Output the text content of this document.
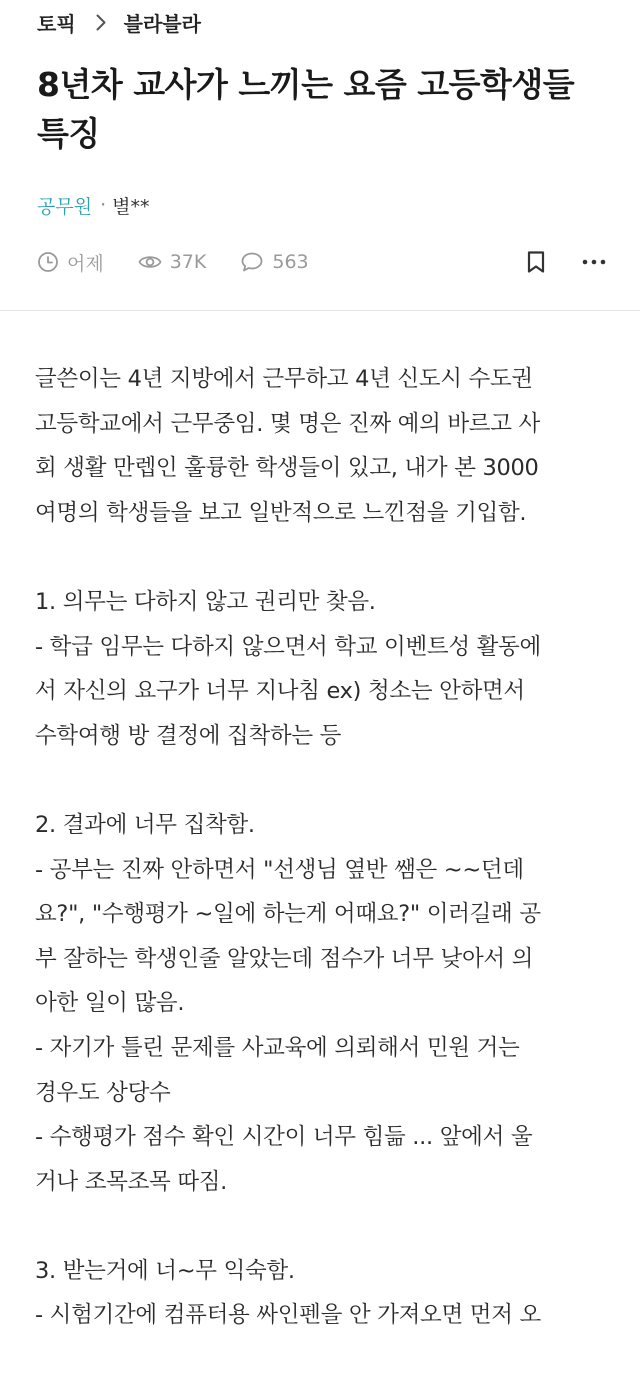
토픽 블라블라
8년차 교사가 느끼는 요즘 고등학생들 특징
공무원 · 별**
어제	37K	563

글쓴이는 4년 지방에서 근무하고 4년 신도시 수도권
고등학교에서 근무중임. 몇 명은 진짜 예의 바르고 사
회 생활 만렙인 훌륭한 학생들이 있고, 내가 본 3000
여명의 학생들을 보고 일반적으로 느낀점을 기입함.

1. 의무는 다하지 않고 권리만 찾음.
- 학급 임무는 다하지 않으면서 학교 이벤트성 활동에
서 자신의 요구가 너무 지나침 ex) 청소는 안하면서
수학여행 방 결정에 집착하는 등

2. 결과에 너무 집착함.
- 공부는 진짜 안하면서 "선생님 옆반 쌤은 ~~던데
요?", "수행평가 ~일에 하는게 어때요?" 이러길래 공
부 잘하는 학생인줄 알았는데 점수가 너무 낮아서 의
아한 일이 많음.
- 자기가 틀린 문제를 사교육에 의뢰해서 민원 거는
경우도 상당수
- 수행평가 점수 확인 시간이 너무 힘듦 ... 앞에서 울
거나 조목조목 따짐.

3. 받는거에 너~무 익숙함.
- 시험기간에 컴퓨터용 싸인펜을 안 가져오면 먼저 오
